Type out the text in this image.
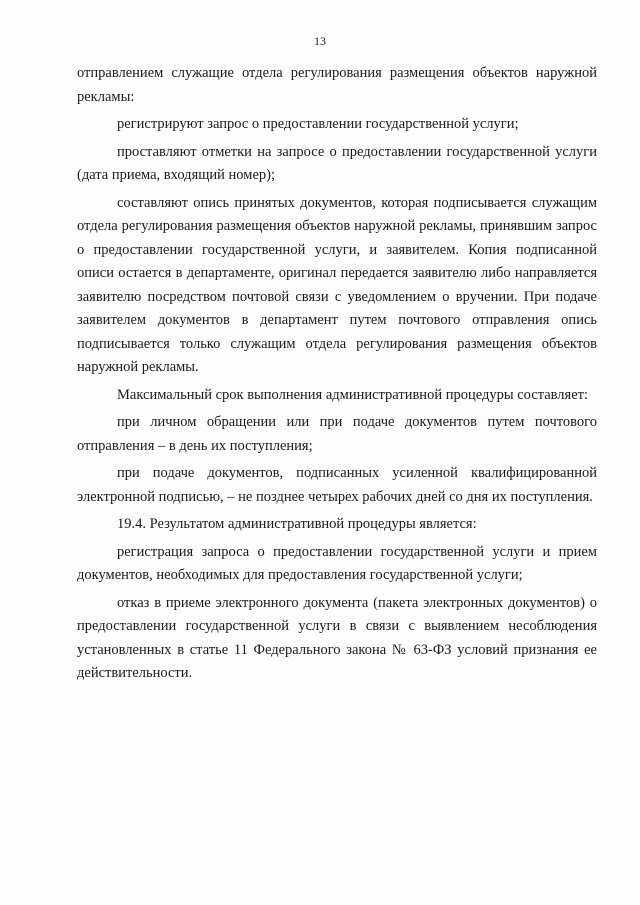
13

отправлением служащие отдела регулирования размещения объектов наружной рекламы:

регистрируют запрос о предоставлении государственной услуги;

проставляют отметки на запросе о предоставлении государственной услуги (дата приема, входящий номер);

составляют опись принятых документов, которая подписывается служащим отдела регулирования размещения объектов наружной рекламы, принявшим запрос о предоставлении государственной услуги, и заявителем. Копия подписанной описи остается в департаменте, оригинал передается заявителю либо направляется заявителю посредством почтовой связи с уведомлением о вручении. При подаче заявителем документов в департамент путем почтового отправления опись подписывается только служащим отдела регулирования размещения объектов наружной рекламы.

Максимальный срок выполнения административной процедуры составляет:

при личном обращении или при подаче документов путем почтового отправления – в день их поступления;

при подаче документов, подписанных усиленной квалифицированной электронной подписью, – не позднее четырех рабочих дней со дня их поступления.

19.4. Результатом административной процедуры является:

регистрация запроса о предоставлении государственной услуги и прием документов, необходимых для предоставления государственной услуги;

отказ в приеме электронного документа (пакета электронных документов) о предоставлении государственной услуги в связи с выявлением несоблюдения установленных в статье 11 Федерального закона № 63-ФЗ условий признания ее действительности.
